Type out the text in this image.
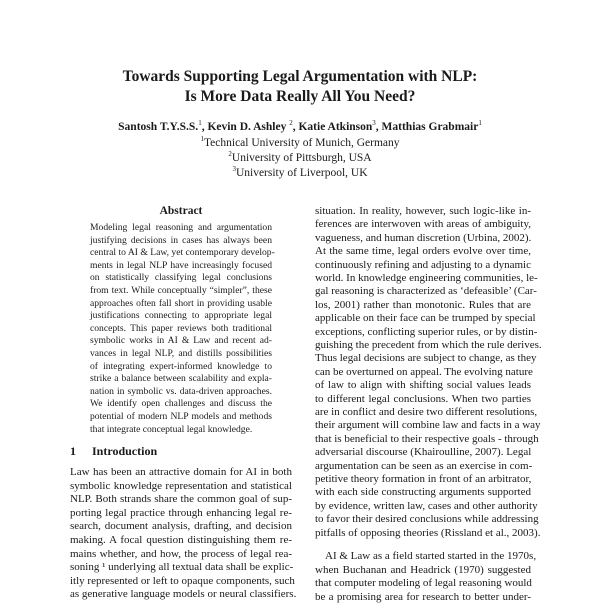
Towards Supporting Legal Argumentation with NLP:
Is More Data Really All You Need?
Santosh T.Y.S.S.$^1$, Kevin D. Ashley $^2$, Katie Atkinson$^3$, Matthias Grabmair$^1$
$^1$Technical University of Munich, Germany
$^2$University of Pittsburgh, USA
$^3$University of Liverpool, UK
Abstract
Modeling legal reasoning and argumentation
justifying decisions in cases has always been
central to AI & Law, yet contemporary develop-
ments in legal NLP have increasingly focused
on statistically classifying legal conclusions
from text. While conceptually “simpler”, these
approaches often fall short in providing usable
justifications connecting to appropriate legal
concepts. This paper reviews both traditional
symbolic works in AI & Law and recent ad-
vances in legal NLP, and distills possibilities
of integrating expert-informed knowledge to
strike a balance between scalability and expla-
nation in symbolic vs. data-driven approaches.
We identify open challenges and discuss the
potential of modern NLP models and methods
that integrate conceptual legal knowledge.
1 Introduction
Law has been an attractive domain for AI in both
symbolic knowledge representation and statistical
NLP. Both strands share the common goal of sup-
porting legal practice through enhancing legal re-
search, document analysis, drafting, and decision
making. A focal question distinguishing them re-
mains whether, and how, the process of legal rea-
soning ¹ underlying all textual data shall be explic-
itly represented or left to opaque components, such
as generative language models or neural classifiers.
situation. In reality, however, such logic-like in-
ferences are interwoven with areas of ambiguity,
vagueness, and human discretion (Urbina, 2002).
At the same time, legal orders evolve over time,
continuously refining and adjusting to a dynamic
world. In knowledge engineering communities, le-
gal reasoning is characterized as ‘defeasible’ (Car-
los, 2001) rather than monotonic. Rules that are
applicable on their face can be trumped by special
exceptions, conflicting superior rules, or by distin-
guishing the precedent from which the rule derives.
Thus legal decisions are subject to change, as they
can be overturned on appeal. The evolving nature
of law to align with shifting social values leads
to different legal conclusions. When two parties
are in conflict and desire two different resolutions,
their argument will combine law and facts in a way
that is beneficial to their respective goals - through
adversarial discourse (Khairoulline, 2007). Legal
argumentation can be seen as an exercise in com-
petitive theory formation in front of an arbitrator,
with each side constructing arguments supported
by evidence, written law, cases and other authority
to favor their desired conclusions while addressing
pitfalls of opposing theories (Rissland et al., 2003).
AI & Law as a field started started in the 1970s,
when Buchanan and Headrick (1970) suggested
that computer modeling of legal reasoning would
be a promising area for research to better under-
